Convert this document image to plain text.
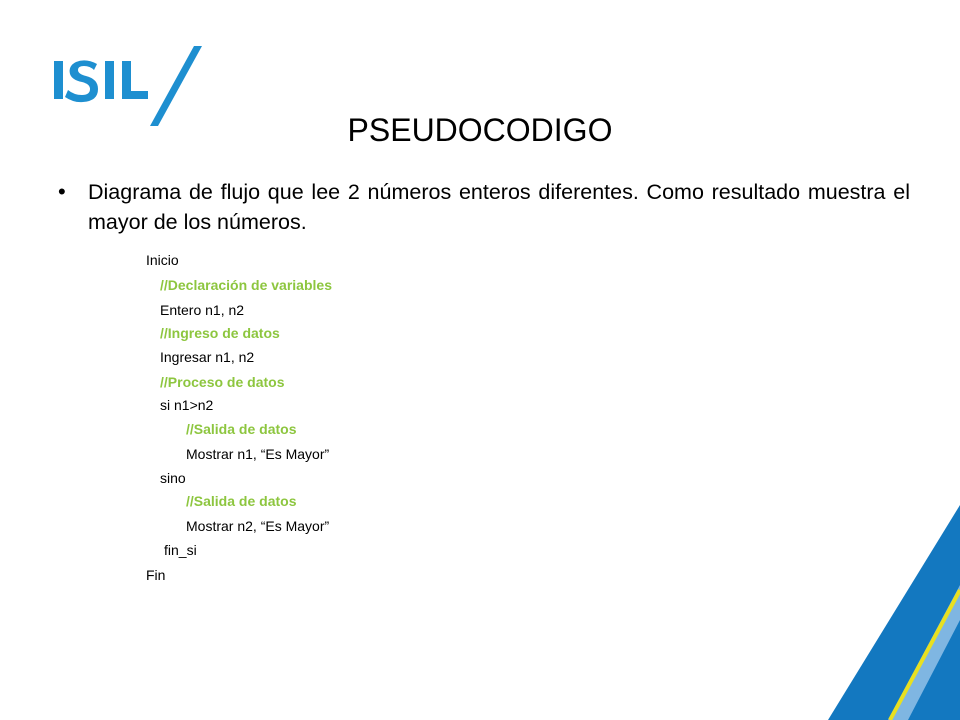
PSEUDOCODIGO
• Diagrama de flujo que lee 2 números enteros diferentes. Como resultado muestra el mayor de los números.
Inicio
//Declaración de variables
Entero n1, n2
//Ingreso de datos
Ingresar n1, n2
//Proceso de datos
si n1>n2
//Salida de datos
Mostrar n1, “Es Mayor”
sino
//Salida de datos
Mostrar n2, “Es Mayor”
fin_si
Fin
